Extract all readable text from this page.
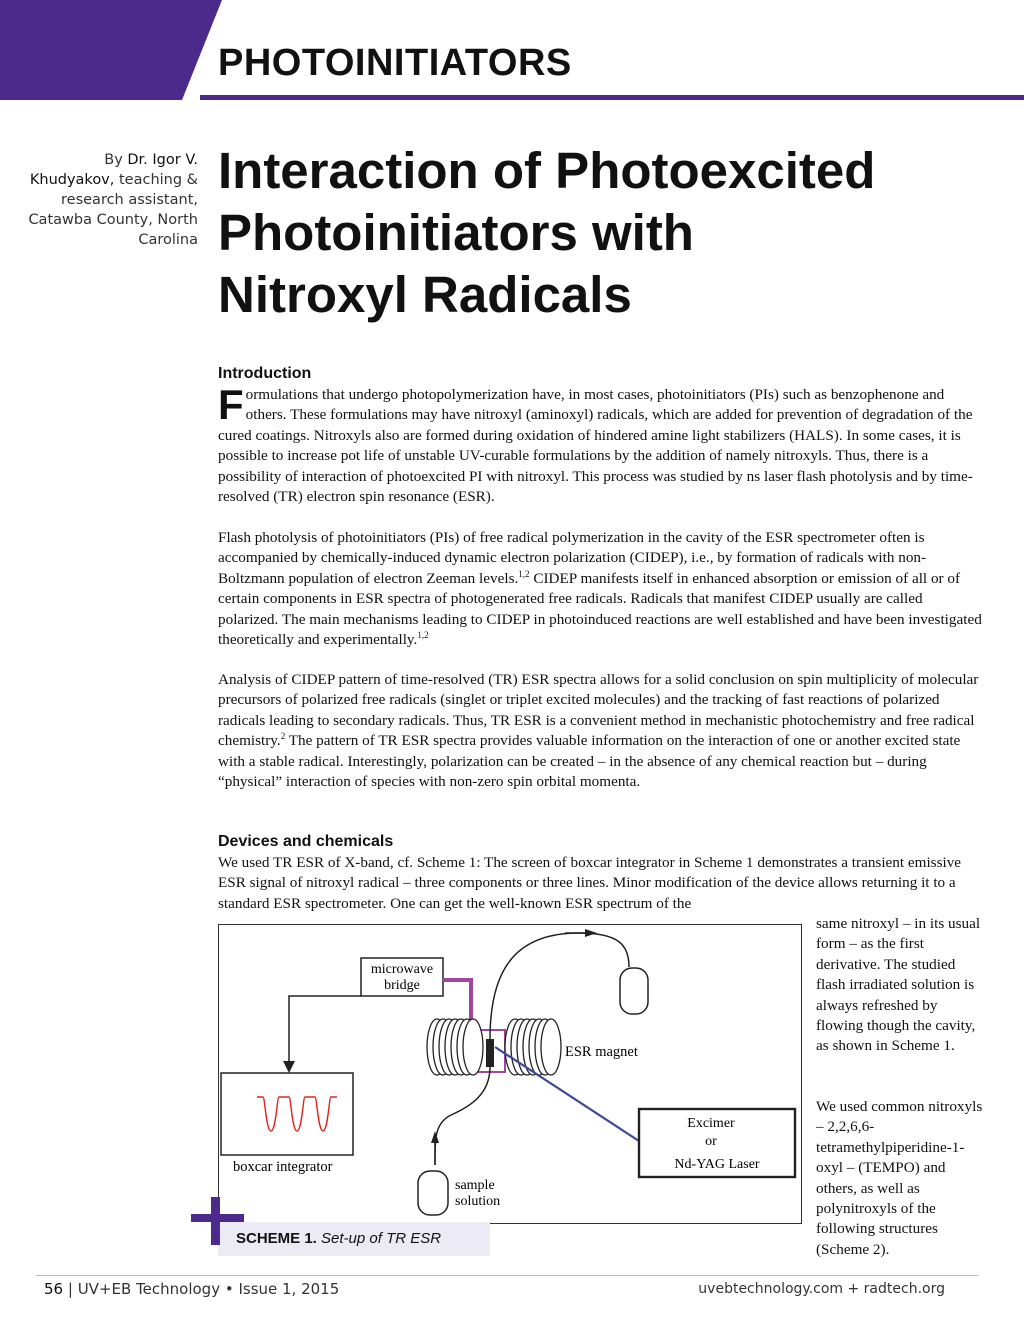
PHOTOINITIATORS
By Dr. Igor V. Khudyakov, teaching & research assistant, Catawba County, North Carolina
Interaction of Photoexcited
Photoinitiators with
Nitroxyl Radicals
Introduction

Formulations that undergo photopolymerization have, in most cases, photoinitiators (PIs) such as benzophenone and others. These formulations may have nitroxyl (aminoxyl) radicals, which are added for prevention of degradation of the cured coatings. Nitroxyls also are formed during oxidation of hindered amine light stabilizers (HALS). In some cases, it is possible to increase pot life of unstable UV-curable formulations by the addition of namely nitroxyls. Thus, there is a possibility of interaction of photoexcited PI with nitroxyl. This process was studied by ns laser flash photolysis and by time-resolved (TR) electron spin resonance (ESR).

Flash photolysis of photoinitiators (PIs) of free radical polymerization in the cavity of the ESR spectrometer often is accompanied by chemically-induced dynamic electron polarization (CIDEP), i.e., by formation of radicals with non-Boltzmann population of electron Zeeman levels.$^{1,2}$ CIDEP manifests itself in enhanced absorption or emission of all or of certain components in ESR spectra of photogenerated free radicals. Radicals that manifest CIDEP usually are called polarized. The main mechanisms leading to CIDEP in photoinduced reactions are well established and have been investigated theoretically and experimentally.$^{1,2}$

Analysis of CIDEP pattern of time-resolved (TR) ESR spectra allows for a solid conclusion on spin multiplicity of molecular precursors of polarized free radicals (singlet or triplet excited molecules) and the tracking of fast reactions of polarized radicals leading to secondary radicals. Thus, TR ESR is a convenient method in mechanistic photochemistry and free radical chemistry.$^2$ The pattern of TR ESR spectra provides valuable information on the interaction of one or another excited state with a stable radical. Interestingly, polarization can be created – in the absence of any chemical reaction but – during “physical” interaction of species with non-zero spin orbital momenta.

Devices and chemicals

We used TR ESR of X-band, cf. Scheme 1: The screen of boxcar integrator in Scheme 1 demonstrates a transient emissive ESR signal of nitroxyl radical – three components or three lines. Minor modification of the device allows returning it to a standard ESR spectrometer. One can get the well-known ESR spectrum of the

same nitroxyl – in its usual form – as the first derivative. The studied flash irradiated solution is always refreshed by flowing though the cavity, as shown in Scheme 1.

We used common nitroxyls – 2,2,6,6-tetramethylpiperidine-1-oxyl – (TEMPO) and others, as well as polynitroxyls of the following structures (Scheme 2).

microwave
bridge
ESR magnet
sample
solution
Excimer
or
Nd-YAG Laser
boxcar integrator
SCHEME 1. Set-up of TR ESR
56 | UV+EB Technology • Issue 1, 2015	uvebtechnology.com + radtech.org
